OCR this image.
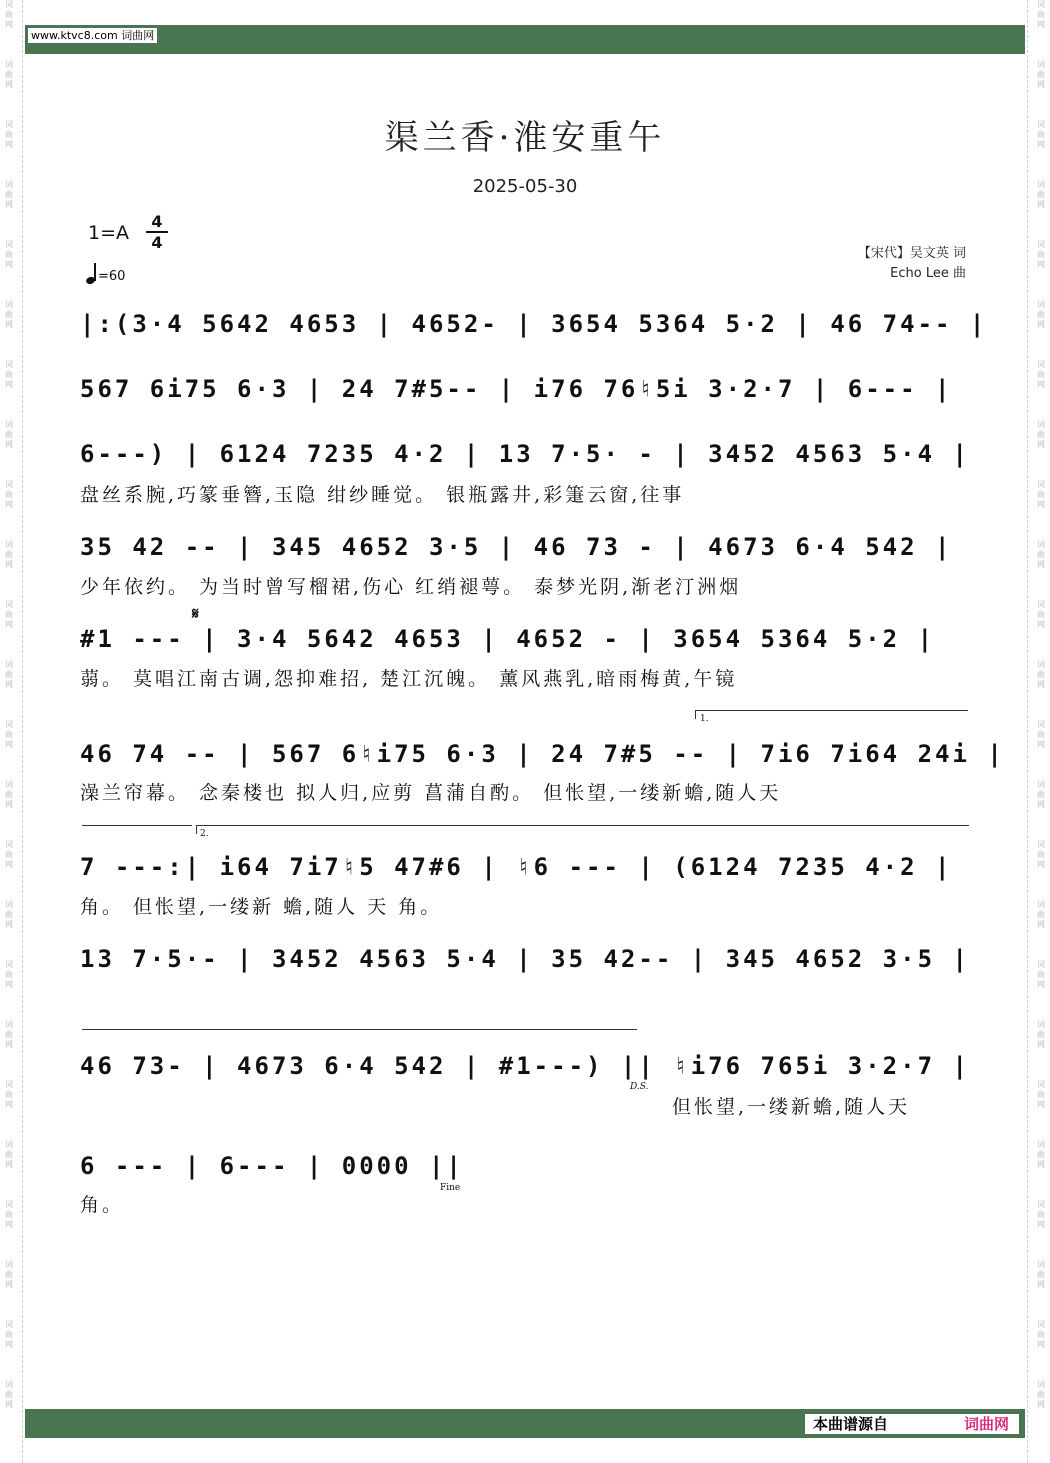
词
曲
网
词
曲
网
词
曲
网
词
曲
网
词
曲
网
词
曲
网
词
曲
网
词
曲
网
词
曲
网
词
曲
网
词
曲
网
词
曲
网
词
曲
网
词
曲
网
词
曲
网
词
曲
网
词
曲
网
词
曲
网
词
曲
网
词
曲
网
词
曲
网
词
曲
网
词
曲
网
词
曲
网
词
曲
网
词
曲
网
词
曲
网
词
曲
网
词
曲
网
词
曲
网
词
曲
网
词
曲
网
词
曲
网
词
曲
网
词
曲
网
词
曲
网
词
曲
网
词
曲
网
词
曲
网
词
曲
网
词
曲
网
词
曲
网
词
曲
网
词
曲
网
词
曲
网
词
曲
网
词
曲
网
词
曲
网
www.ktvc8.com 词曲网
渠兰香·淮安重午
2025-05-30
1=A
4
4
=60
【宋代】吴文英 词
Echo Lee 曲
|:(3·4 5642 4653 | 4652- | 3654 5364 5·2 | 46 74-- |
567 6i75 6·3 | 24 7#5-- | i76 76♮5i 3·2·7 | 6--- |
6---) | 6124 7235 4·2 | 13 7·5· - | 3452 4563 5·4 |
盘丝系腕,巧篆垂簪,玉隐 绀纱睡觉。 银瓶露井,彩箑云窗,往事
35 42 -- | 345 4652 3·5 | 46 73 - | 4673 6·4 542 |
少年依约。 为当时曾写榴裙,伤心 红绡褪萼。 泰梦光阴,渐老汀洲烟
𝄋
#1 --- | 3·4 5642 4653 | 4652 - | 3654 5364 5·2 |
蒻。 莫唱江南古调,怨抑难招, 楚江沉魄。 薰风燕乳,暗雨梅黄,午镜
1.
46 74 -- | 567 6♮i75 6·3 | 24 7#5 -- | 7i6 7i64 24i |
澡兰帘幕。 念秦楼也 拟人归,应剪 菖蒲自酌。 但怅望,一缕新蟾,随人天
2.
7 ---:| i64 7i7♮5 47#6 | ♮6 --- | (6124 7235 4·2 |
角。 但怅望,一缕新 蟾,随人 天 角。
13 7·5·- | 3452 4563 5·4 | 35 42-- | 345 4652 3·5 |
46 73- | 4673 6·4 542 | #1---) || ♮i76 765i 3·2·7 |
D.S.
但怅望,一缕新蟾,随人天
6 --- | 6--- | 0000 ||
Fine
角。
本曲谱源自	词曲网
